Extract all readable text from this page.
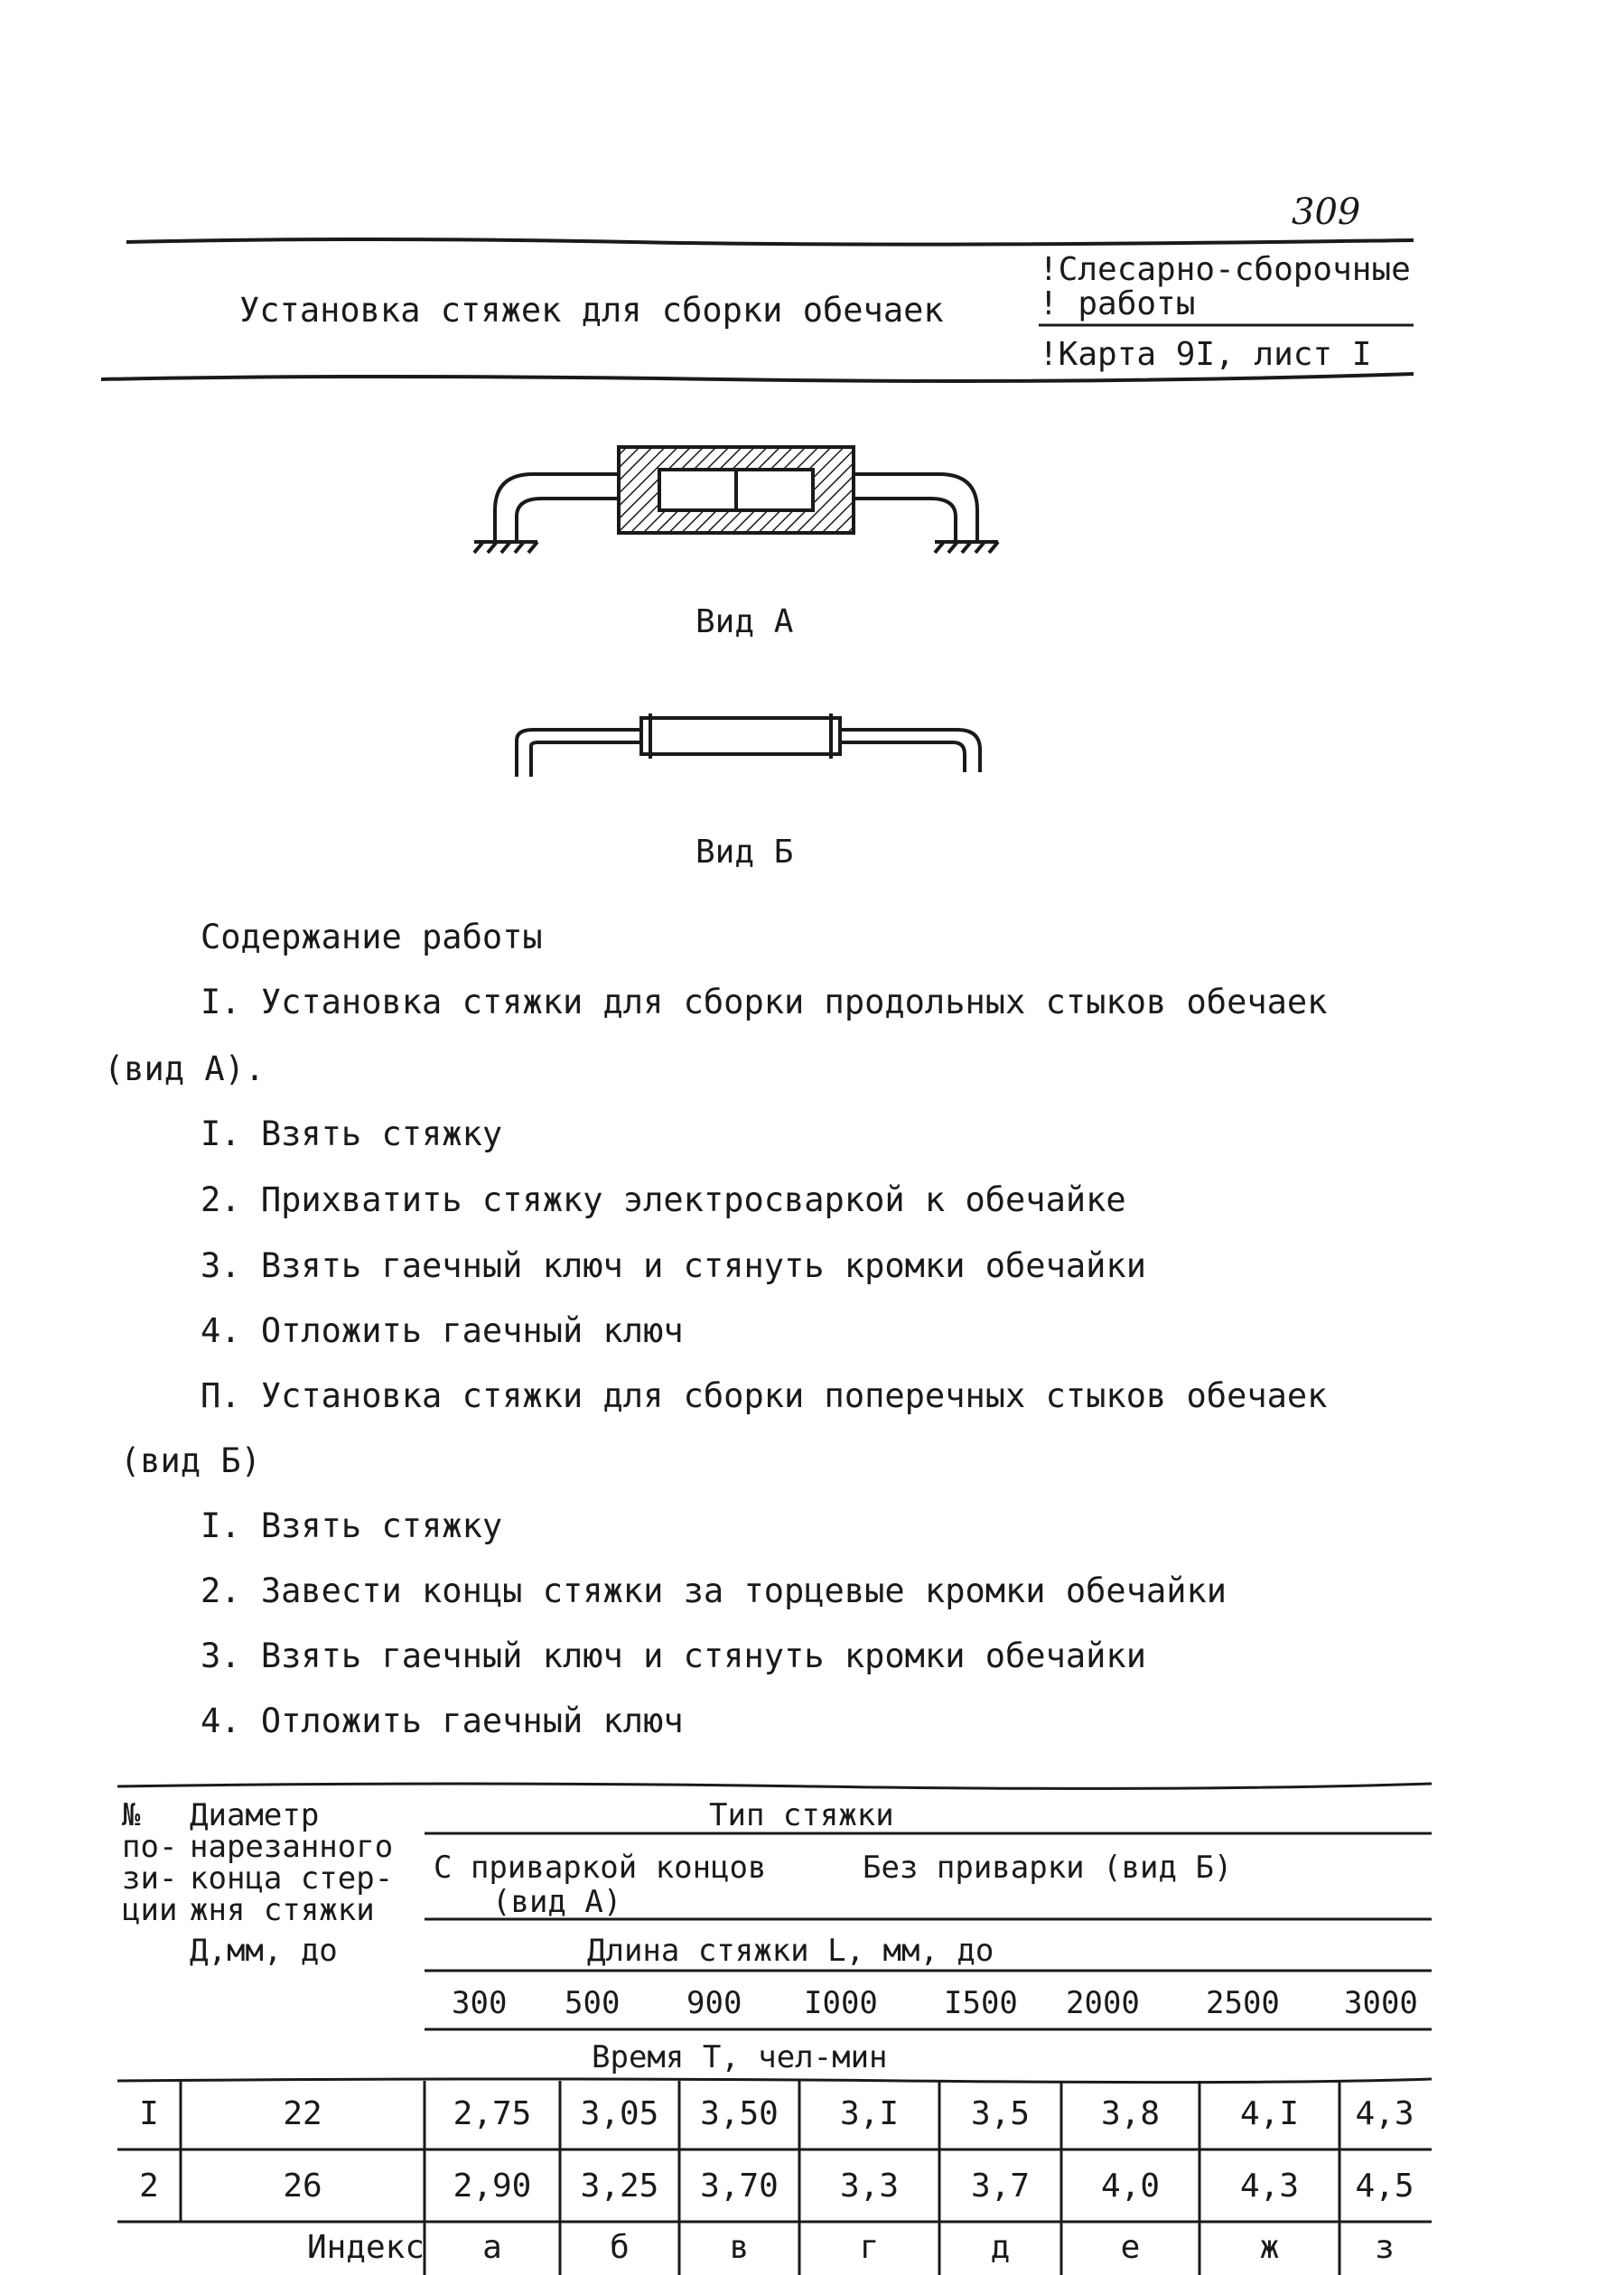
309
Установка стяжек для сборки обечаек
!Слесарно-сборочные
! работы
!Карта 9I, лист I
Вид А
Вид Б
Содержание работы
I. Установка стяжки для сборки продольных стыков обечаек
(вид А).
I. Взять стяжку
2. Прихватить стяжку электросваркой к обечайке
3. Взять гаечный ключ и стянуть кромки обечайки
4. Отложить гаечный ключ
П. Установка стяжки для сборки поперечных стыков обечаек
(вид Б)
I. Взять стяжку
2. Завести концы стяжки за торцевые кромки обечайки
3. Взять гаечный ключ и стянуть кромки обечайки
4. Отложить гаечный ключ
№
по-
зи-
ции
Диаметр
нарезанного
конца стер-
жня стяжки
Д,мм, до
Тип стяжки
С приваркой концов
(вид А)
Без приварки (вид Б)
Длина стяжки L, мм, до
300 500 900 I000 I500 2000 2500 3000
Время Т, чел-мин
I	22	2,75	3,05	3,50	3,I	3,5	3,8	4,I	4,3
2	26	2,90	3,25	3,70	3,3	3,7	4,0	4,3	4,5
Индекс	а	б	в	г	д	е	ж	з
